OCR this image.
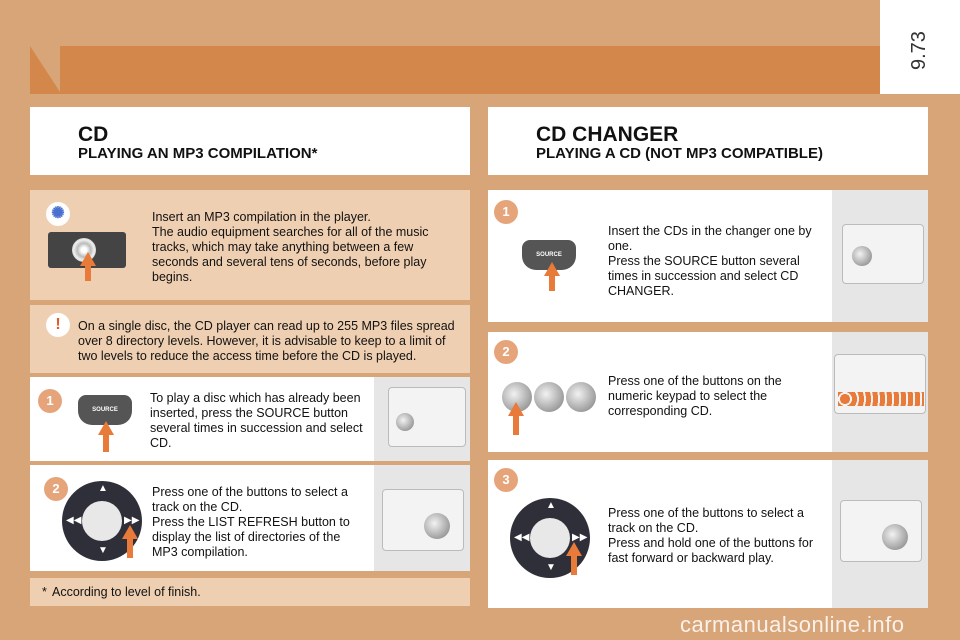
9.73
CD
PLAYING AN MP3 COMPILATION*
CD CHANGER
PLAYING A CD (NOT MP3 COMPATIBLE)
✺	Insert an MP3 compilation in the player.
The audio equipment searches for all of the music tracks, which may take anything between a few seconds and several tens of seconds, before play begins.
!	On a single disc, the CD player can read up to 255 MP3 files spread over 8 directory levels. However, it is advisable to keep to a limit of two levels to reduce the access time before the CD is played.
1
SOURCE
To play a disc which has already been inserted, press the SOURCE button several times in succession and select CD.
2	▲
▼
◀◀	▶▶
Press one of the buttons to select a track on the CD.
Press the LIST REFRESH button to display the list of directories of the MP3 compilation.
* According to level of finish.
1
SOURCE
Insert the CDs in the changer one by one.
Press the SOURCE button several times in succession and select CD CHANGER.
2
Press one of the buttons on the numeric keypad to select the corresponding CD.
3
▲
▼
◀◀	▶▶
Press one of the buttons to select a track on the CD.
Press and hold one of the buttons for fast forward or backward play.
carmanualsonline.info
